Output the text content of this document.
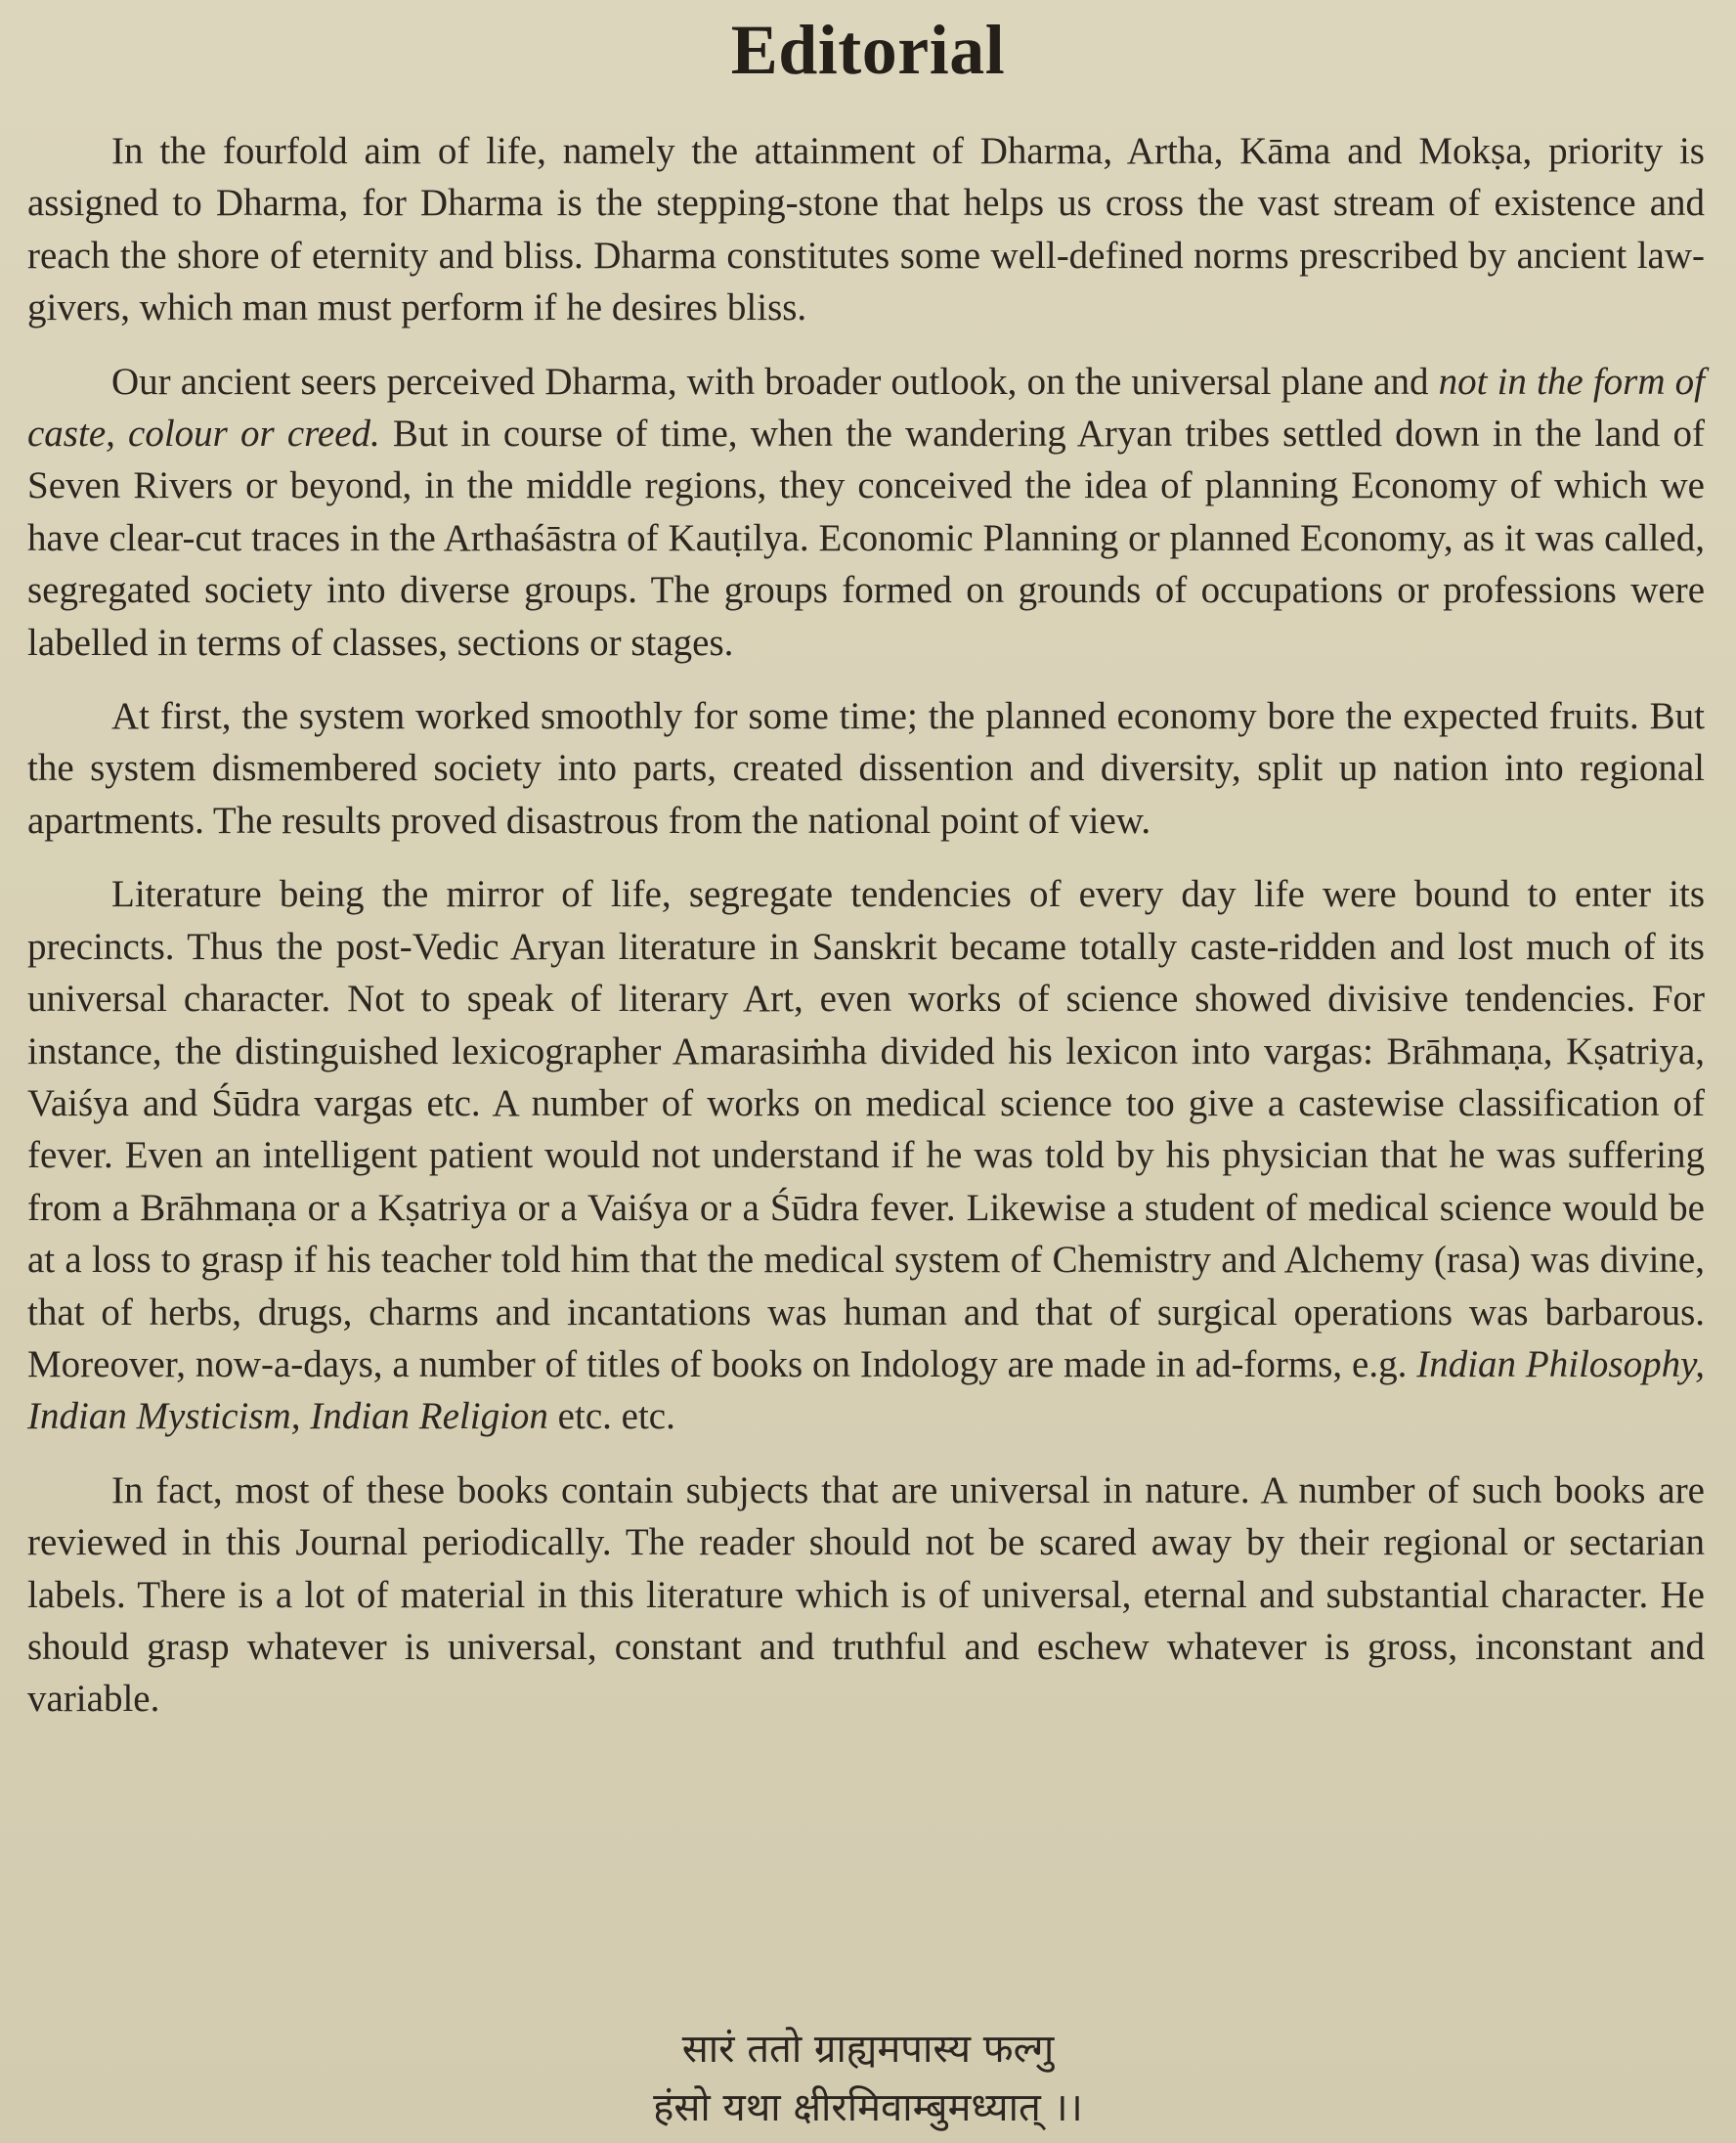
Editorial

In the fourfold aim of life, namely the attainment of Dharma, Artha, Kāma and Mokṣa, priority is assigned to Dharma, for Dharma is the stepping-stone that helps us cross the vast stream of existence and reach the shore of eternity and bliss. Dharma constitutes some well-defined norms prescribed by ancient law-givers, which man must perform if he desires bliss.

Our ancient seers perceived Dharma, with broader outlook, on the universal plane and not in the form of caste, colour or creed. But in course of time, when the wandering Aryan tribes settled down in the land of Seven Rivers or beyond, in the middle regions, they conceived the idea of planning Economy of which we have clear-cut traces in the Arthaśāstra of Kauṭilya. Economic Planning or planned Economy, as it was called, segregated society into diverse groups. The groups formed on grounds of occupations or professions were labelled in terms of classes, sections or stages.

At first, the system worked smoothly for some time; the planned economy bore the expected fruits. But the system dismembered society into parts, created dissention and diversity, split up nation into regional apartments. The results proved disastrous from the national point of view.

Literature being the mirror of life, segregate tendencies of every day life were bound to enter its precincts. Thus the post-Vedic Aryan literature in Sanskrit became totally caste-ridden and lost much of its universal character. Not to speak of literary Art, even works of science showed divisive tendencies. For instance, the distinguished lexicographer Amarasiṁha divided his lexicon into vargas: Brāhmaṇa, Kṣatriya, Vaiśya and Śūdra vargas etc. A number of works on medical science too give a castewise classification of fever. Even an intelligent patient would not understand if he was told by his physician that he was suffering from a Brāhmaṇa or a Kṣatriya or a Vaiśya or a Śūdra fever. Likewise a student of medical science would be at a loss to grasp if his teacher told him that the medical system of Chemistry and Alchemy (rasa) was divine, that of herbs, drugs, charms and incantations was human and that of surgical operations was barbarous. Moreover, now-a-days, a number of titles of books on Indology are made in ad-forms, e.g. Indian Philosophy, Indian Mysticism, Indian Religion etc. etc.

In fact, most of these books contain subjects that are universal in nature. A number of such books are reviewed in this Journal periodically. The reader should not be scared away by their regional or sectarian labels. There is a lot of material in this literature which is of universal, eternal and substantial character. He should grasp whatever is universal, constant and truthful and eschew whatever is gross, inconstant and variable.

सारं ततो ग्राह्यमपास्य फल्गु
हंसो यथा क्षीरमिवाम्बुमध्यात् ।।
